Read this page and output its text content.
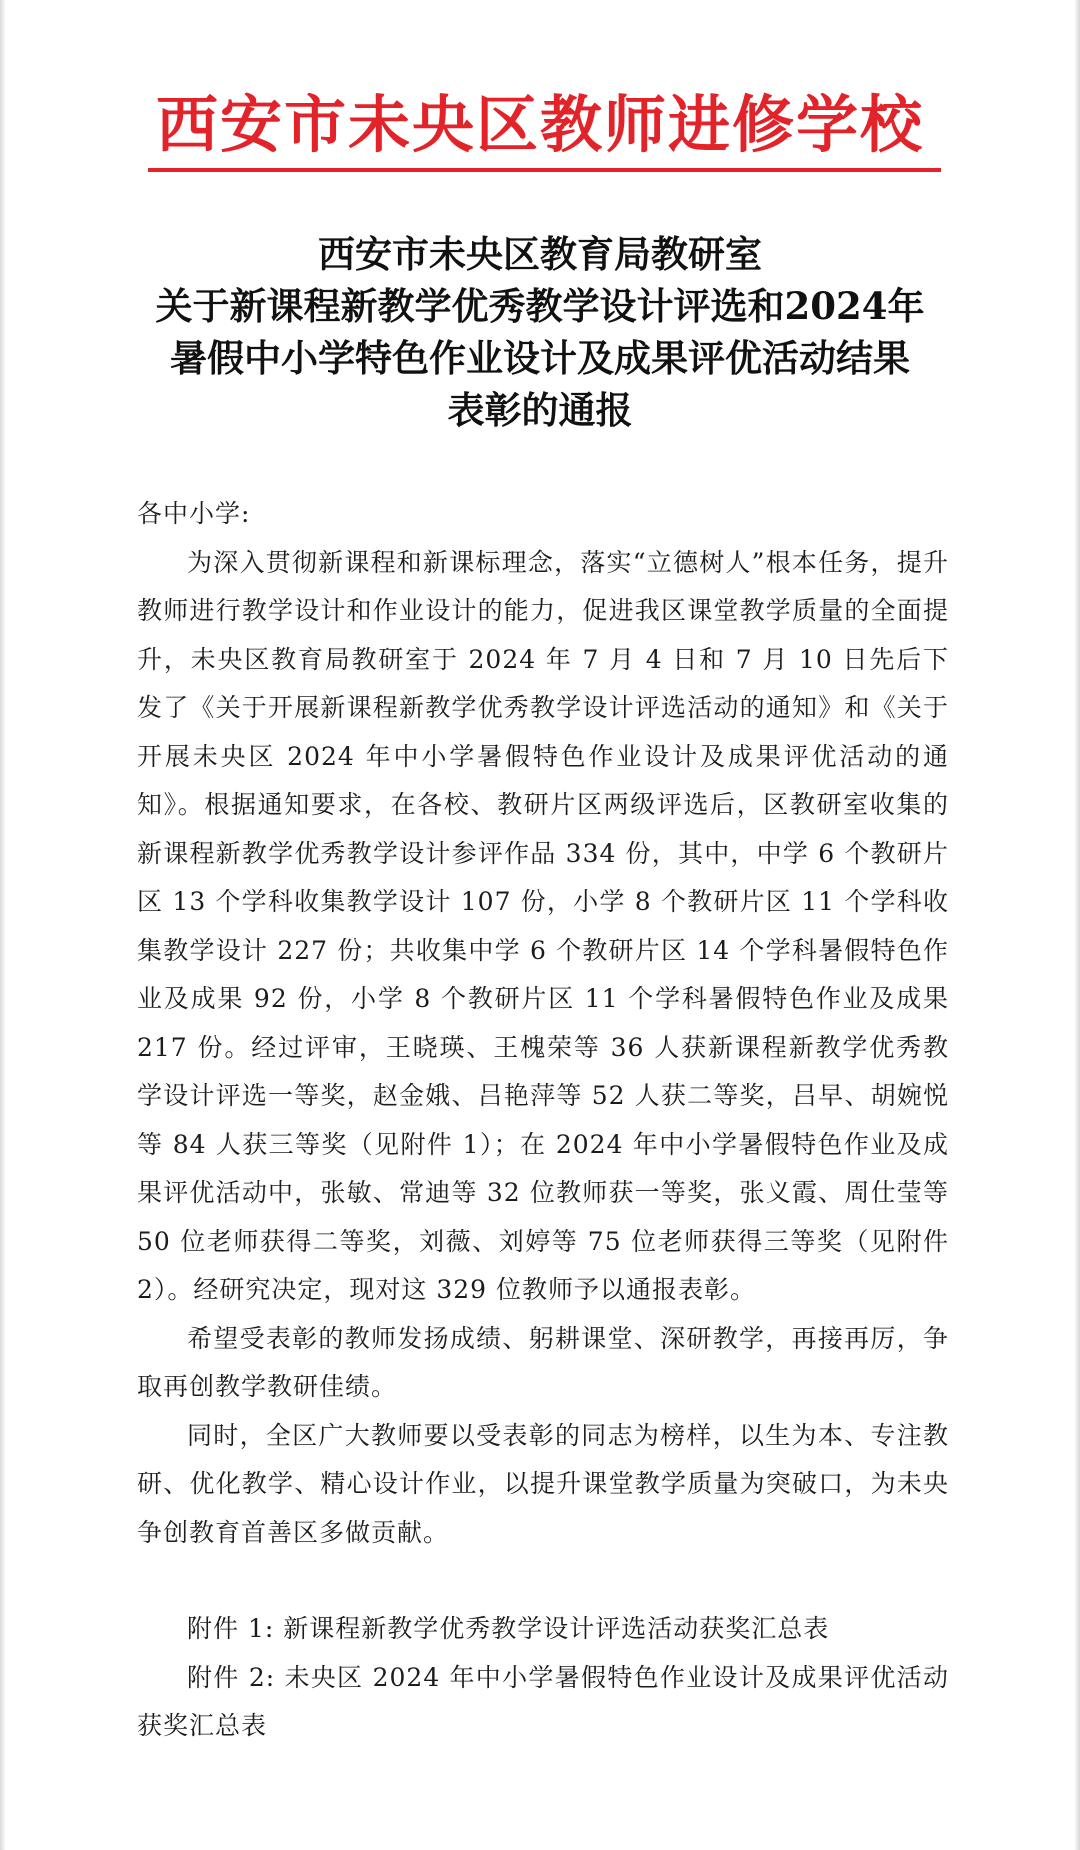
西安市未央区教师进修学校
西安市未央区教育局教研室
关于新课程新教学优秀教学设计评选和2024年
暑假中小学特色作业设计及成果评优活动结果
表彰的通报

各中小学:

为深入贯彻新课程和新课标理念，落实“立德树人”根本任务，提升教师进行教学设计和作业设计的能力，促进我区课堂教学质量的全面提升，未央区教育局教研室于 2024 年 7 月 4 日和 7 月 10 日先后下发了《关于开展新课程新教学优秀教学设计评选活动的通知》和《关于开展未央区 2024 年中小学暑假特色作业设计及成果评优活动的通知》。根据通知要求，在各校、教研片区两级评选后，区教研室收集的新课程新教学优秀教学设计参评作品 334 份，其中，中学 6 个教研片区 13 个学科收集教学设计 107 份，小学 8 个教研片区 11 个学科收集教学设计 227 份；共收集中学 6 个教研片区 14 个学科暑假特色作业及成果 92 份，小学 8 个教研片区 11 个学科暑假特色作业及成果 217 份。经过评审，王晓瑛、王槐荣等 36 人获新课程新教学优秀教学设计评选一等奖，赵金娥、吕艳萍等 52 人获二等奖，吕早、胡婉悦等 84 人获三等奖（见附件 1）；在 2024 年中小学暑假特色作业及成果评优活动中，张敏、常迪等 32 位教师获一等奖，张义霞、周仕莹等 50 位老师获得二等奖，刘薇、刘婷等 75 位老师获得三等奖（见附件 2）。经研究决定，现对这 329 位教师予以通报表彰。

希望受表彰的教师发扬成绩、躬耕课堂、深研教学，再接再厉，争取再创教学教研佳绩。

同时，全区广大教师要以受表彰的同志为榜样，以生为本、专注教研、优化教学、精心设计作业，以提升课堂教学质量为突破口，为未央争创教育首善区多做贡献。

附件 1: 新课程新教学优秀教学设计评选活动获奖汇总表

附件 2: 未央区 2024 年中小学暑假特色作业设计及成果评优活动获奖汇总表
